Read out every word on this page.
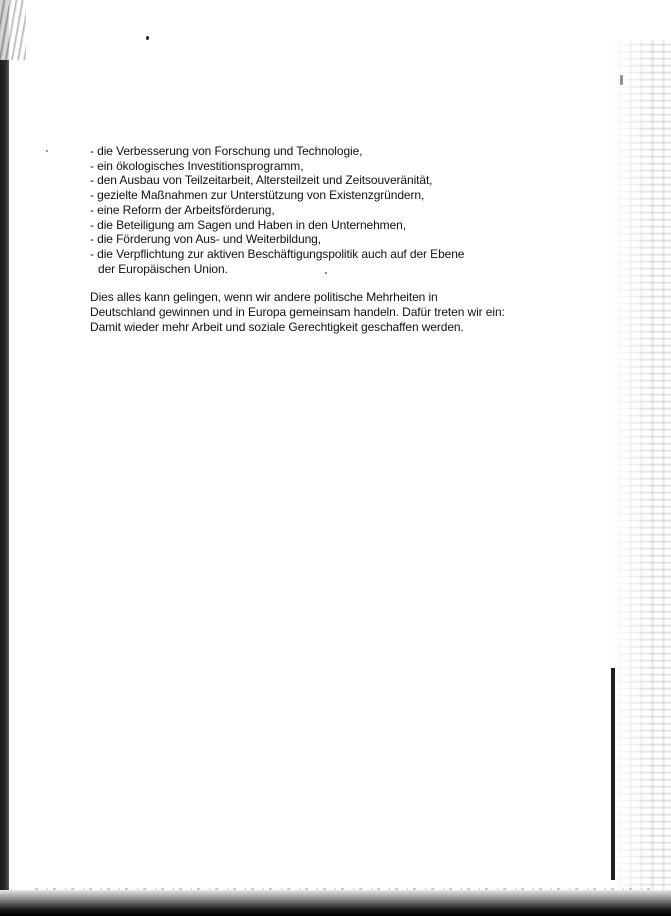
- die Verbesserung von Forschung und Technologie,
- ein ökologisches Investitionsprogramm,
- den Ausbau von Teilzeitarbeit, Altersteilzeit und Zeitsouveränität,
- gezielte Maßnahmen zur Unterstützung von Existenzgründern,
- eine Reform der Arbeitsförderung,
- die Beteiligung am Sagen und Haben in den Unternehmen,
- die Förderung von Aus- und Weiterbildung,
- die Verpflichtung zur aktiven Beschäftigungspolitik auch auf der Ebene
der Europäischen Union.

Dies alles kann gelingen, wenn wir andere politische Mehrheiten in
Deutschland gewinnen und in Europa gemeinsam handeln. Dafür treten wir ein:
Damit wieder mehr Arbeit und soziale Gerechtigkeit geschaffen werden.
